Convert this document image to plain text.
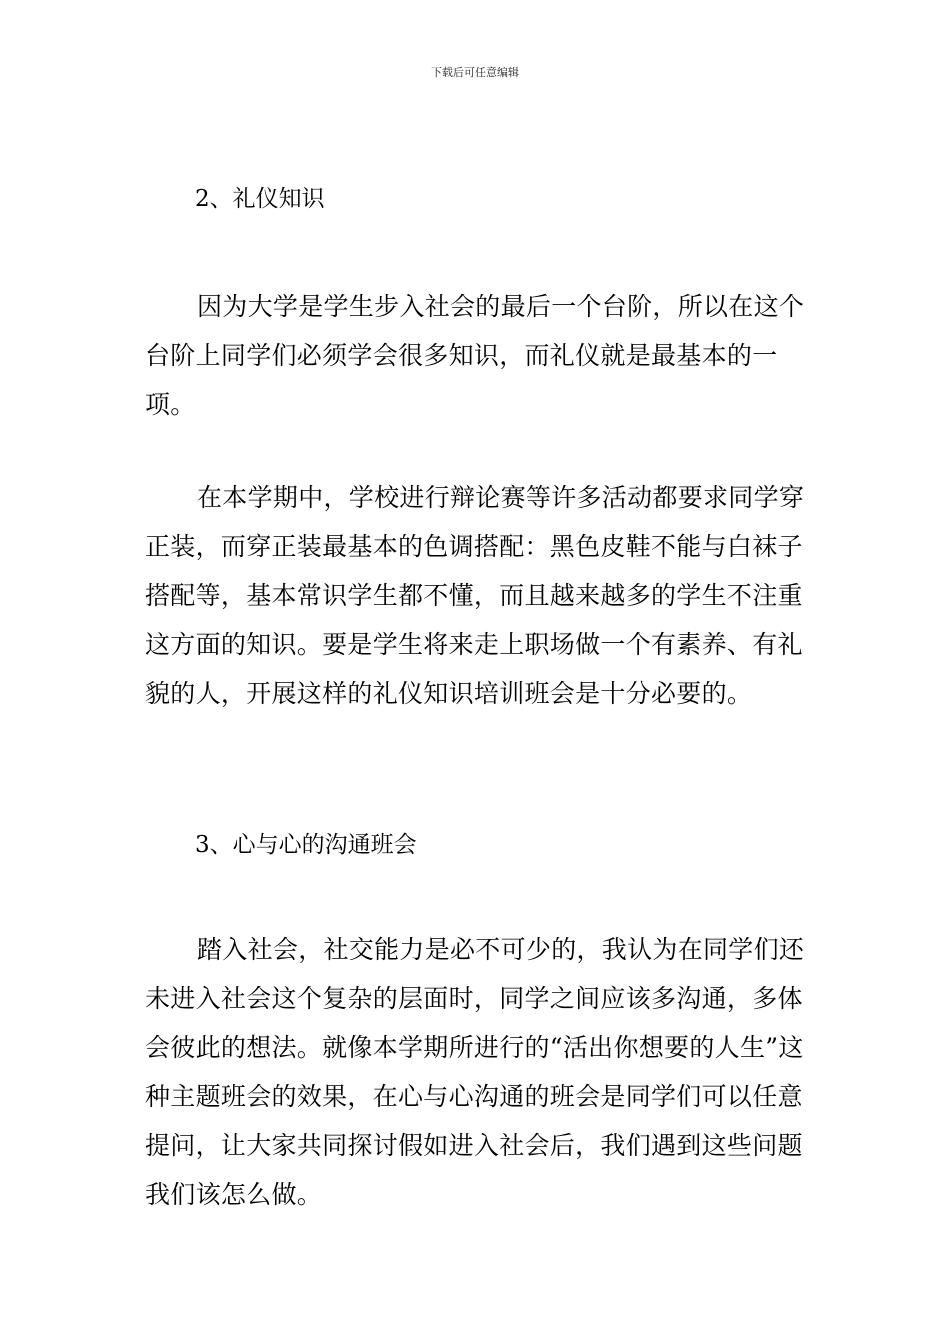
下载后可任意编辑
2、礼仪知识
因为大学是学生步入社会的最后一个台阶，所以在这个台阶上同学们必须学会很多知识，而礼仪就是最基本的一项。
在本学期中，学校进行辩论赛等许多活动都要求同学穿正装，而穿正装最基本的色调搭配：黑色皮鞋不能与白袜子搭配等，基本常识学生都不懂，而且越来越多的学生不注重这方面的知识。要是学生将来走上职场做一个有素养、有礼貌的人，开展这样的礼仪知识培训班会是十分必要的。
3、心与心的沟通班会
踏入社会，社交能力是必不可少的，我认为在同学们还未进入社会这个复杂的层面时，同学之间应该多沟通，多体会彼此的想法。就像本学期所进行的“活出你想要的人生”这种主题班会的效果，在心与心沟通的班会是同学们可以任意提问，让大家共同探讨假如进入社会后，我们遇到这些问题我们该怎么做。
